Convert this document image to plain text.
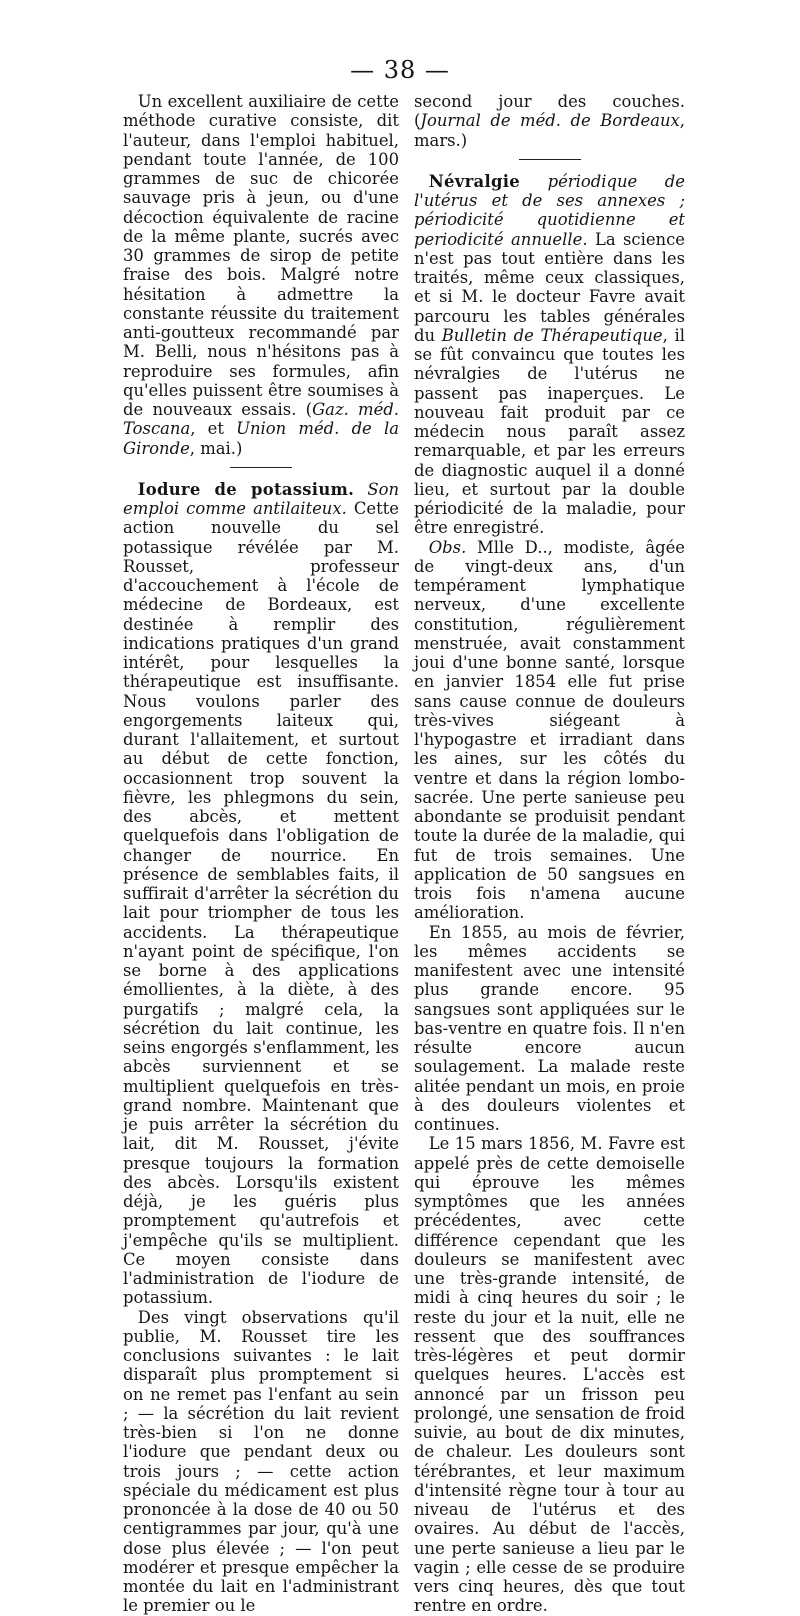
— 38 —

Un excellent auxiliaire de cette méthode curative consiste, dit l'auteur, dans l'emploi habituel, pendant toute l'année, de 100 grammes de suc de chicorée sauvage pris à jeun, ou d'une décoction équivalente de racine de la même plante, sucrés avec 30 grammes de sirop de petite fraise des bois. Malgré notre hésitation à admettre la constante réussite du traitement anti-goutteux recommandé par M. Belli, nous n'hésitons pas à reproduire ses formules, afin qu'elles puissent être soumises à de nouveaux essais. (Gaz. méd. Toscana, et Union méd. de la Gironde, mai.)

Iodure de potassium. Son emploi comme antilaiteux. Cette action nouvelle du sel potassique révélée par M. Rousset, professeur d'accouchement à l'école de médecine de Bordeaux, est destinée à remplir des indications pratiques d'un grand intérêt, pour lesquelles la thérapeutique est insuffisante. Nous voulons parler des engorgements laiteux qui, durant l'allaitement, et surtout au début de cette fonction, occasionnent trop souvent la fièvre, les phlegmons du sein, des abcès, et mettent quelquefois dans l'obligation de changer de nourrice. En présence de semblables faits, il suffirait d'arrêter la sécrétion du lait pour triompher de tous les accidents. La thérapeutique n'ayant point de spécifique, l'on se borne à des applications émollientes, à la diète, à des purgatifs ; malgré cela, la sécrétion du lait continue, les seins engorgés s'enflamment, les abcès surviennent et se multiplient quelquefois en très-grand nombre. Maintenant que je puis arrêter la sécrétion du lait, dit M. Rousset, j'évite presque toujours la formation des abcès. Lorsqu'ils existent déjà, je les guéris plus promptement qu'autrefois et j'empêche qu'ils se multiplient. Ce moyen consiste dans l'administration de l'iodure de potassium.

Des vingt observations qu'il publie, M. Rousset tire les conclusions suivantes : le lait disparaît plus promptement si on ne remet pas l'enfant au sein ; — la sécrétion du lait revient très-bien si l'on ne donne l'iodure que pendant deux ou trois jours ; — cette action spéciale du médicament est plus prononcée à la dose de 40 ou 50 centigrammes par jour, qu'à une dose plus élevée ; — l'on peut modérer et presque empêcher la montée du lait en l'administrant le premier ou le

second jour des couches. (Journal de méd. de Bordeaux, mars.)

Névralgie périodique de l'utérus et de ses annexes ; périodicité quotidienne et periodicité annuelle. La science n'est pas tout entière dans les traités, même ceux classiques, et si M. le docteur Favre avait parcouru les tables générales du Bulletin de Thérapeutique, il se fût convaincu que toutes les névralgies de l'utérus ne passent pas inaperçues. Le nouveau fait produit par ce médecin nous paraît assez remarquable, et par les erreurs de diagnostic auquel il a donné lieu, et surtout par la double périodicité de la maladie, pour être enregistré.

Obs. Mlle D.., modiste, âgée de vingt-deux ans, d'un tempérament lymphatique nerveux, d'une excellente constitution, régulièrement menstruée, avait constamment joui d'une bonne santé, lorsque en janvier 1854 elle fut prise sans cause connue de douleurs très-vives siégeant à l'hypogastre et irradiant dans les aines, sur les côtés du ventre et dans la région lombo-sacrée. Une perte sanieuse peu abondante se produisit pendant toute la durée de la maladie, qui fut de trois semaines. Une application de 50 sangsues en trois fois n'amena aucune amélioration.

En 1855, au mois de février, les mêmes accidents se manifestent avec une intensité plus grande encore. 95 sangsues sont appliquées sur le bas-ventre en quatre fois. Il n'en résulte encore aucun soulagement. La malade reste alitée pendant un mois, en proie à des douleurs violentes et continues.

Le 15 mars 1856, M. Favre est appelé près de cette demoiselle qui éprouve les mêmes symptômes que les années précédentes, avec cette différence cependant que les douleurs se manifestent avec une très-grande intensité, de midi à cinq heures du soir ; le reste du jour et la nuit, elle ne ressent que des souffrances très-légères et peut dormir quelques heures. L'accès est annoncé par un frisson peu prolongé, une sensation de froid suivie, au bout de dix minutes, de chaleur. Les douleurs sont térébrantes, et leur maximum d'intensité règne tour à tour au niveau de l'utérus et des ovaires. Au début de l'accès, une perte sanieuse a lieu par le vagin ; elle cesse de se produire vers cinq heures, dès que tout rentre en ordre.
